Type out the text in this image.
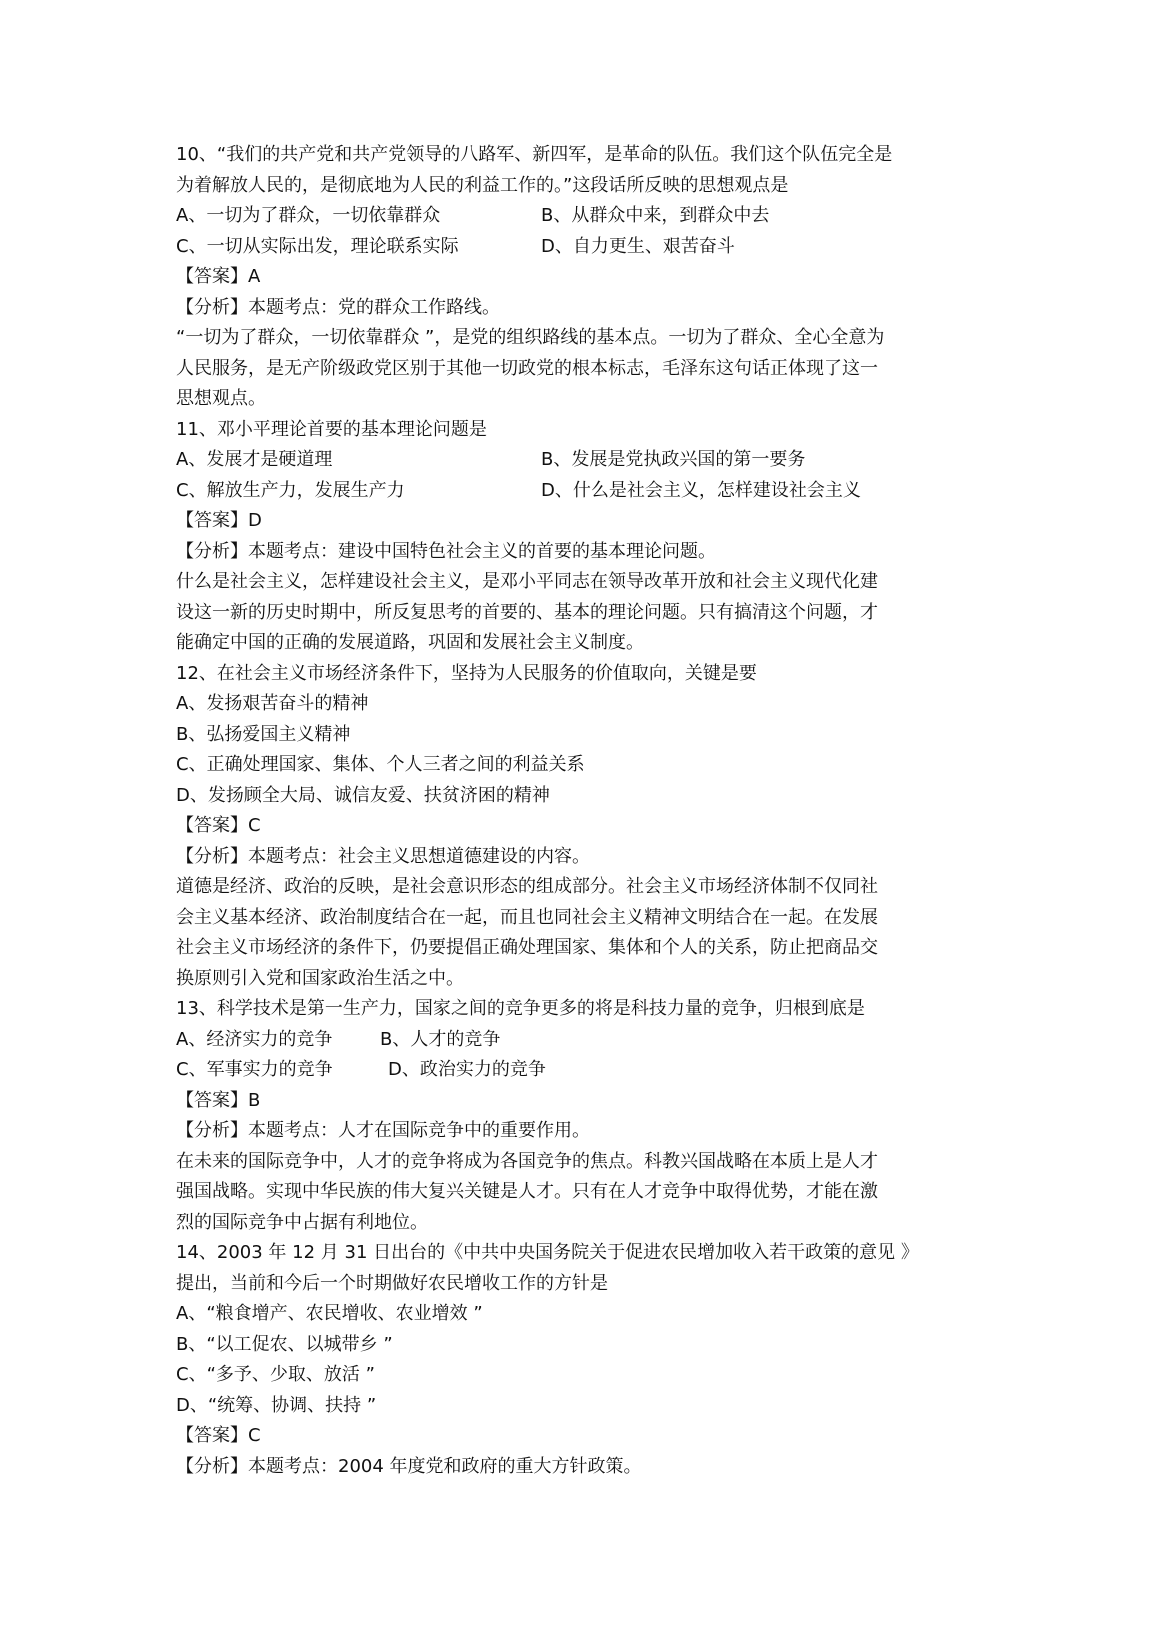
10、“我们的共产党和共产党领导的八路军、新四军，是革命的队伍。我们这个队伍完全是
为着解放人民的，是彻底地为人民的利益工作的。”这段话所反映的思想观点是
A、一切为了群众，一切依靠群众	B、从群众中来，到群众中去
C、一切从实际出发，理论联系实际	D、自力更生、艰苦奋斗
【答案】A
【分析】本题考点：党的群众工作路线。
“一切为了群众，一切依靠群众 ”，是党的组织路线的基本点。一切为了群众、全心全意为
人民服务，是无产阶级政党区别于其他一切政党的根本标志，毛泽东这句话正体现了这一
思想观点。
11、邓小平理论首要的基本理论问题是
A、发展才是硬道理	B、发展是党执政兴国的第一要务
C、解放生产力，发展生产力	D、什么是社会主义，怎样建设社会主义
【答案】D
【分析】本题考点：建设中国特色社会主义的首要的基本理论问题。
什么是社会主义，怎样建设社会主义，是邓小平同志在领导改革开放和社会主义现代化建
设这一新的历史时期中，所反复思考的首要的、基本的理论问题。只有搞清这个问题，才
能确定中国的正确的发展道路，巩固和发展社会主义制度。
12、在社会主义市场经济条件下，坚持为人民服务的价值取向，关键是要
A、发扬艰苦奋斗的精神
B、弘扬爱国主义精神
C、正确处理国家、集体、个人三者之间的利益关系
D、发扬顾全大局、诚信友爱、扶贫济困的精神
【答案】C
【分析】本题考点：社会主义思想道德建设的内容。
道德是经济、政治的反映，是社会意识形态的组成部分。社会主义市场经济体制不仅同社
会主义基本经济、政治制度结合在一起，而且也同社会主义精神文明结合在一起。在发展
社会主义市场经济的条件下，仍要提倡正确处理国家、集体和个人的关系，防止把商品交
换原则引入党和国家政治生活之中。
13、科学技术是第一生产力，国家之间的竞争更多的将是科技力量的竞争，归根到底是
A、经济实力的竞争	B、人才的竞争
C、军事实力的竞争	D、政治实力的竞争
【答案】B
【分析】本题考点：人才在国际竞争中的重要作用。
在未来的国际竞争中，人才的竞争将成为各国竞争的焦点。科教兴国战略在本质上是人才
强国战略。实现中华民族的伟大复兴关键是人才。只有在人才竞争中取得优势，才能在激
烈的国际竞争中占据有利地位。
14、2003 年 12 月 31 日出台的《中共中央国务院关于促进农民增加收入若干政策的意见 》
提出，当前和今后一个时期做好农民增收工作的方针是
A、“粮食增产、农民增收、农业增效 ”
B、“以工促农、以城带乡 ”
C、“多予、少取、放活 ”
D、“统筹、协调、扶持 ”
【答案】C
【分析】本题考点：2004 年度党和政府的重大方针政策。
